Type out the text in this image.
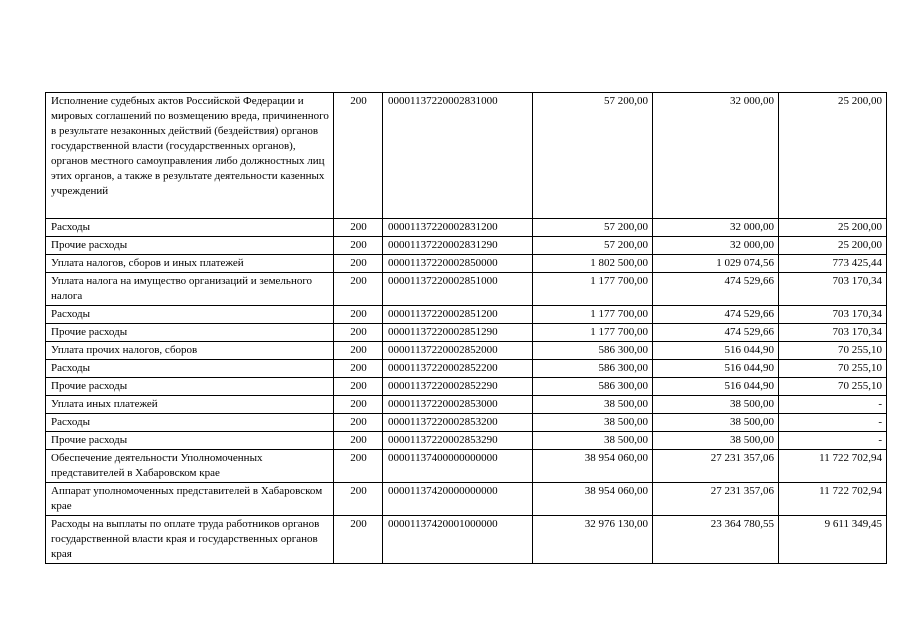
Исполнение судебных актов Российской Федерации и мировых соглашений по возмещению вреда, причиненного в результате незаконных действий (бездействия) органов государственной власти (государственных органов), органов местного самоуправления либо должностных лиц этих органов, а также в результате деятельности казенных учреждений	200	00001137220002831000	57 200,00	32 000,00	25 200,00
Расходы	200	00001137220002831200	57 200,00	32 000,00	25 200,00
Прочие расходы	200	00001137220002831290	57 200,00	32 000,00	25 200,00
Уплата налогов, сборов и иных платежей	200	00001137220002850000	1 802 500,00	1 029 074,56	773 425,44
Уплата налога на имущество организаций и земельного налога	200	00001137220002851000	1 177 700,00	474 529,66	703 170,34
Расходы	200	00001137220002851200	1 177 700,00	474 529,66	703 170,34
Прочие расходы	200	00001137220002851290	1 177 700,00	474 529,66	703 170,34
Уплата прочих налогов, сборов	200	00001137220002852000	586 300,00	516 044,90	70 255,10
Расходы	200	00001137220002852200	586 300,00	516 044,90	70 255,10
Прочие расходы	200	00001137220002852290	586 300,00	516 044,90	70 255,10
Уплата иных платежей	200	00001137220002853000	38 500,00	38 500,00	-
Расходы	200	00001137220002853200	38 500,00	38 500,00	-
Прочие расходы	200	00001137220002853290	38 500,00	38 500,00	-
Обеспечение деятельности Уполномоченных представителей в Хабаровском крае	200	00001137400000000000	38 954 060,00	27 231 357,06	11 722 702,94
Аппарат уполномоченных представителей в Хабаровском крае	200	00001137420000000000	38 954 060,00	27 231 357,06	11 722 702,94
Расходы на выплаты по оплате труда работников органов государственной власти края и государственных органов края	200	00001137420001000000	32 976 130,00	23 364 780,55	9 611 349,45
